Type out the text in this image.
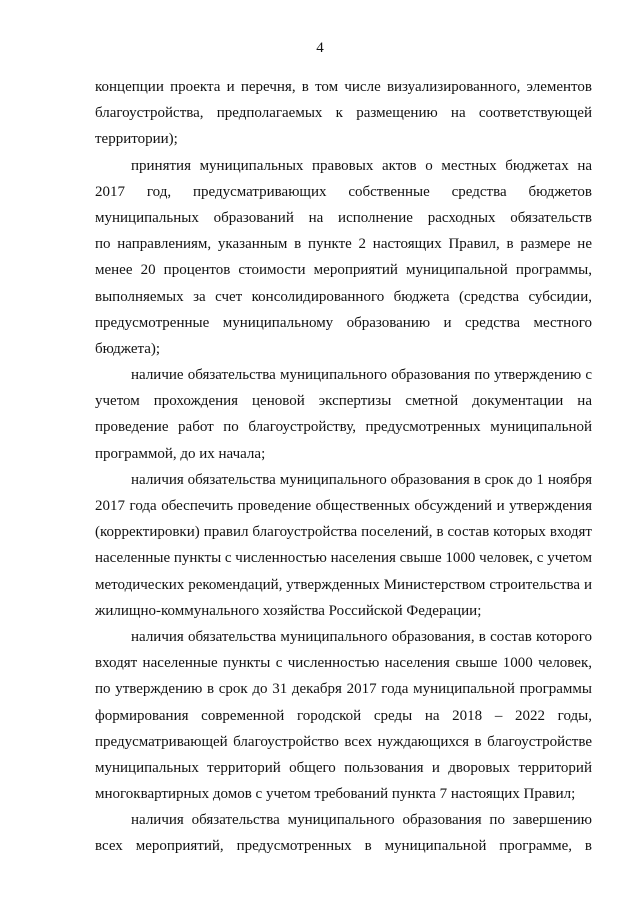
4
концепции проекта и перечня, в том числе визуализированного, элементов
благоустройства, предполагаемых к размещению на соответствующей
территории);
принятия муниципальных правовых актов о местных бюджетах на
2017 год, предусматривающих собственные средства бюджетов
муниципальных образований на исполнение расходных обязательств
по направлениям, указанным в пункте 2 настоящих Правил, в размере не
менее 20 процентов стоимости мероприятий муниципальной программы,
выполняемых за счет консолидированного бюджета (средства субсидии,
предусмотренные муниципальному образованию и средства местного
бюджета);
наличие обязательства муниципального образования по утверждению с
учетом прохождения ценовой экспертизы сметной документации на
проведение работ по благоустройству, предусмотренных муниципальной
программой, до их начала;
наличия обязательства муниципального образования в срок до 1 ноября
2017 года обеспечить проведение общественных обсуждений и утверждения
(корректировки) правил благоустройства поселений, в состав которых входят
населенные пункты с численностью населения свыше 1000 человек, с учетом
методических рекомендаций, утвержденных Министерством строительства и
жилищно-коммунального хозяйства Российской Федерации;
наличия обязательства муниципального образования, в состав которого
входят населенные пункты с численностью населения свыше 1000 человек,
по утверждению в срок до 31 декабря 2017 года муниципальной программы
формирования современной городской среды на 2018 – 2022 годы,
предусматривающей благоустройство всех нуждающихся в благоустройстве
муниципальных территорий общего пользования и дворовых территорий
многоквартирных домов с учетом требований пункта 7 настоящих Правил;
наличия обязательства муниципального образования по завершению
всех мероприятий, предусмотренных в муниципальной программе, в
